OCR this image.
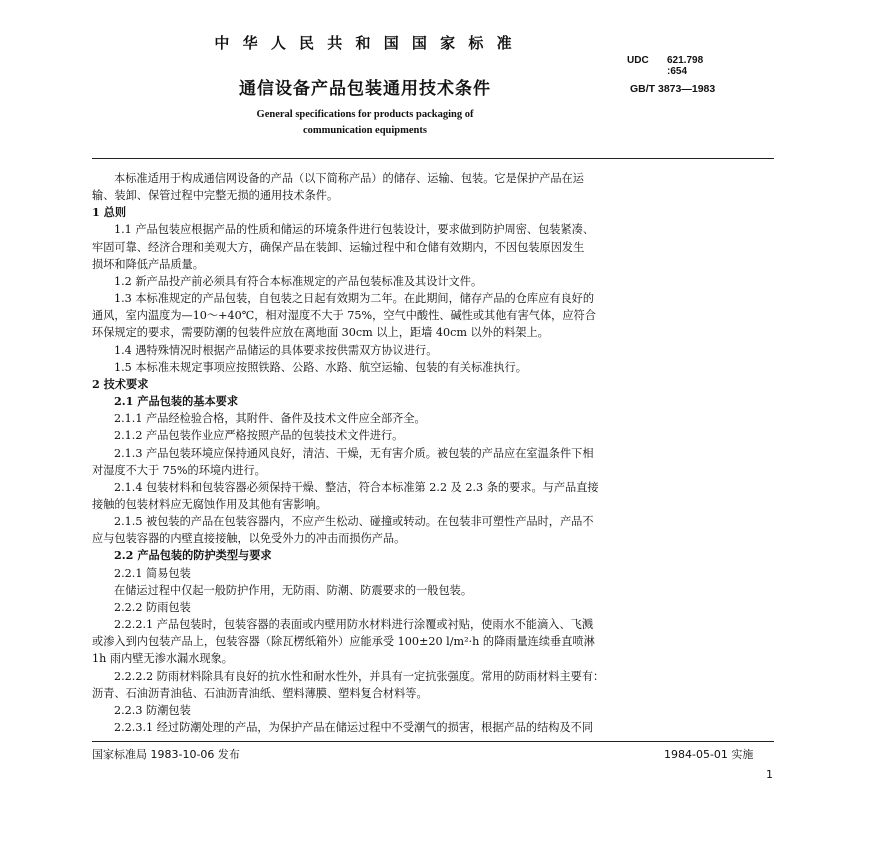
中 华 人 民 共 和 国 国 家 标 准
UDC 621.798
:654
通信设备产品包装通用技术条件	GB/T 3873—1983
General specifications for products packaging of
communication equipments

本标准适用于构成通信网设备的产品（以下简称产品）的储存、运输、包装。它是保护产品在运

输、装卸、保管过程中完整无损的通用技术条件。

1 总则

1.1 产品包装应根据产品的性质和储运的环境条件进行包装设计，要求做到防护周密、包装紧凑、

牢固可靠、经济合理和美观大方，确保产品在装卸、运输过程中和仓储有效期内，不因包装原因发生

损坏和降低产品质量。

1.2 新产品投产前必须具有符合本标准规定的产品包装标准及其设计文件。

1.3 本标准规定的产品包装，自包装之日起有效期为二年。在此期间，储存产品的仓库应有良好的

通风，室内温度为—10～+40℃，相对湿度不大于 75%，空气中酸性、碱性或其他有害气体，应符合

环保规定的要求，需要防潮的包装件应放在离地面 30cm 以上，距墙 40cm 以外的料架上。

1.4 遇特殊情况时根据产品储运的具体要求按供需双方协议进行。

1.5 本标准未规定事项应按照铁路、公路、水路、航空运输、包装的有关标准执行。

2 技术要求

2.1 产品包装的基本要求

2.1.1 产品经检验合格，其附件、备件及技术文件应全部齐全。

2.1.2 产品包装作业应严格按照产品的包装技术文件进行。

2.1.3 产品包装环境应保持通风良好，清洁、干燥，无有害介质。被包装的产品应在室温条件下相

对湿度不大于 75%的环境内进行。

2.1.4 包装材料和包装容器必须保持干燥、整洁，符合本标准第 2.2 及 2.3 条的要求。与产品直接

接触的包装材料应无腐蚀作用及其他有害影响。

2.1.5 被包装的产品在包装容器内，不应产生松动、碰撞或转动。在包装非可塑性产品时，产品不

应与包装容器的内壁直接接触，以免受外力的冲击而损伤产品。

2.2 产品包装的防护类型与要求

2.2.1 简易包装

在储运过程中仅起一般防护作用，无防雨、防潮、防震要求的一般包装。

2.2.2 防雨包装

2.2.2.1 产品包装时，包装容器的表面或内壁用防水材料进行涂覆或衬贴，使雨水不能滴入、飞溅

或渗入到内包装产品上，包装容器（除瓦楞纸箱外）应能承受 100±20 l/m²·h 的降雨量连续垂直喷淋

1h 雨内壁无渗水漏水现象。

2.2.2.2 防雨材料除具有良好的抗水性和耐水性外，并具有一定抗张强度。常用的防雨材料主要有：

沥青、石油沥青油毡、石油沥青油纸、塑料薄膜、塑料复合材料等。

2.2.3 防潮包装

2.2.3.1 经过防潮处理的产品，为保护产品在储运过程中不受潮气的损害，根据产品的结构及不同

国家标准局 1983-10-06 发布	1984-05-01 实施
1
